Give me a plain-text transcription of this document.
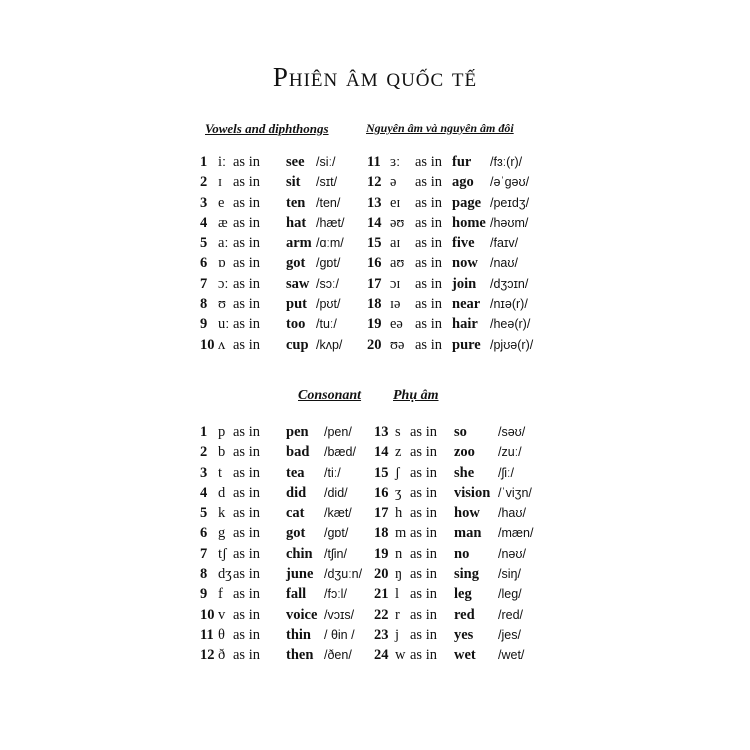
Phiên âm quốc tế
Vowels and diphthongs	Nguyên âm và nguyên âm đôi
1 iː as in see /siː/ 11 ɜː as in fur /fɜː(r)/
2 ɪ as in sit /sɪt/ 12 ə as in ago /əˈgəʊ/
3 e as in ten /ten/ 13 eɪ as in page /peɪdʒ/
4 æ as in hat /hæt/ 14 əʊ as in home /həʊm/
5 aː as in arm /ɑːm/ 15 aɪ as in five /faɪv/
6 ɒ as in got /gɒt/ 16 aʊ as in now /naʊ/
7 ɔː as in saw /sɔː/ 17 ɔɪ as in join /dʒɔɪn/
8 ʊ as in put /pʊt/ 18 ɪə as in near /nɪə(r)/
9 uː as in too /tuː/ 19 eə as in hair /heə(r)/
10 ʌ as in cup /kʌp/ 20 ʊə as in pure /pjʊə(r)/
Consonant Phụ âm
1 p as in pen /pen/ 13 s as in so /səʊ/
2 b as in bad /bæd/ 14 z as in zoo /zuː/
3 t as in tea /tiː/ 15 ʃ as in she /ʃiː/
4 d as in did /did/ 16 ʒ as in vision /ˈviʒn/
5 k as in cat /kæt/ 17 h as in how /haʊ/
6 g as in got /gɒt/ 18 m as in man /mæn/
7 tʃ as in chin /tʃin/ 19 n as in no /nəʊ/
8 dʒ as in june /dʒuːn/ 20 ŋ as in sing /siŋ/
9 f as in fall /fɔːl/ 21 l as in leg /leg/
10 v as in voice /vɔɪs/ 22 r as in red /red/
11 θ as in thin / θin / 23 j as in yes /jes/
12 ð as in then /ðen/ 24 w as in wet /wet/
